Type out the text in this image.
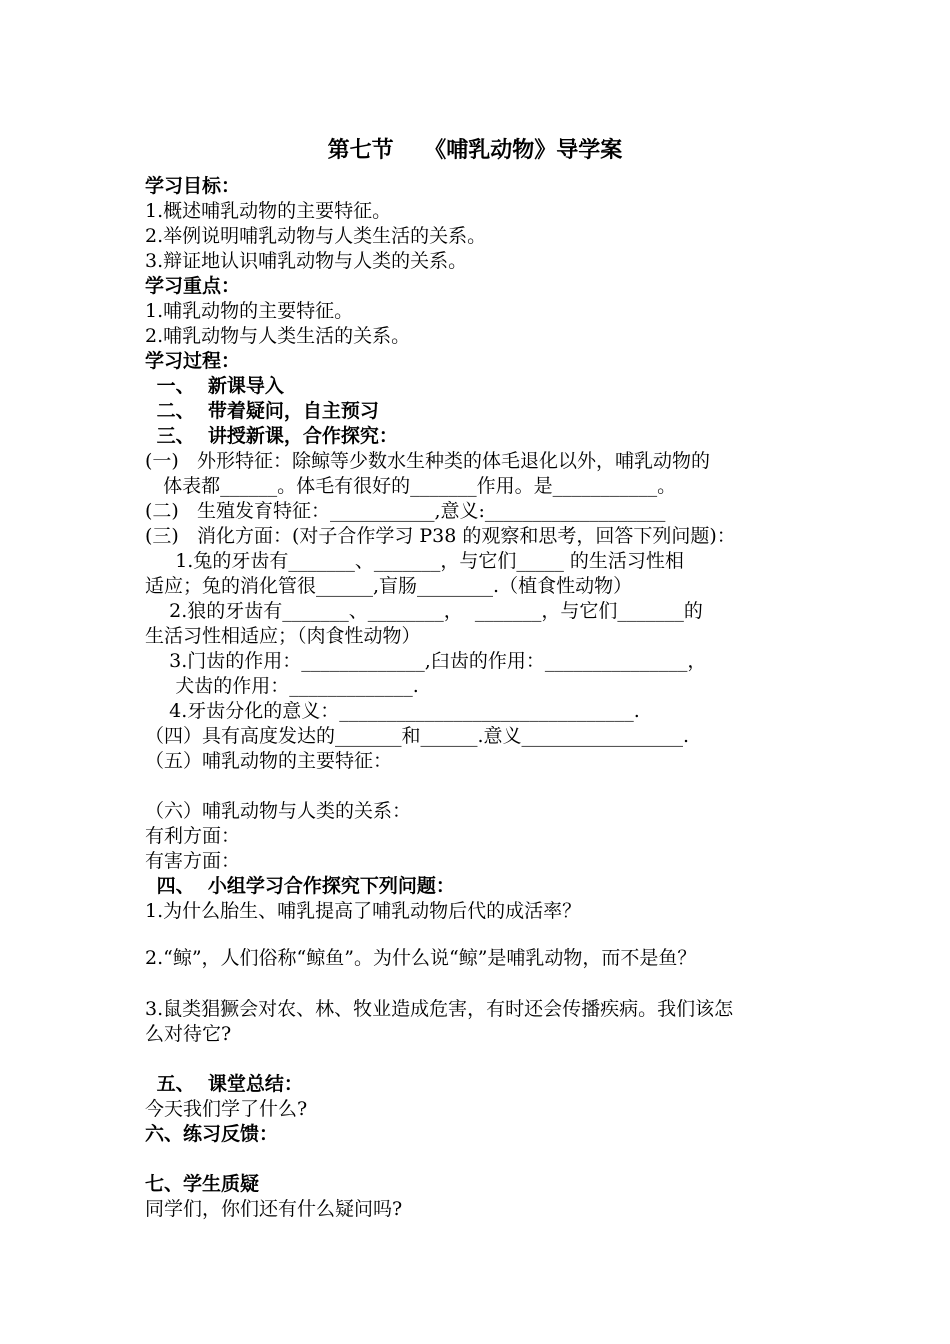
第七节    《哺乳动物》导学案
学习目标：
1.概述哺乳动物的主要特征。
2.举例说明哺乳动物与人类生活的关系。
3.辩证地认识哺乳动物与人类的关系。
学习重点：
1.哺乳动物的主要特征。
2.哺乳动物与人类生活的关系。
学习过程：
一、  新课导入
二、  带着疑问，自主预习
三、  讲授新课，合作探究：
(一)   外形特征：除鲸等少数水生种类的体毛退化以外，哺乳动物的
体表都______。体毛有很好的_______作用。是___________。
(二)   生殖发育特征：___________,意义:___________________
(三)   消化方面：(对子合作学习 P38 的观察和思考，回答下列问题)：
1.兔的牙齿有_______、_______，与它们_____ 的生活习性相
适应；兔的消化管很______,盲肠________.（植食性动物）
2.狼的牙齿有_______、________，  _______，与它们_______的
生活习性相适应；（肉食性动物）
3.门齿的作用：_____________,臼齿的作用：_______________，
犬齿的作用：_____________.
4.牙齿分化的意义：_______________________________.
（四）具有高度发达的_______和______.意义_________________.
（五）哺乳动物的主要特征：
（六）哺乳动物与人类的关系：
有利方面：
有害方面：
四、  小组学习合作探究下列问题：
1.为什么胎生、哺乳提高了哺乳动物后代的成活率？
2.“鲸”，人们俗称“鲸鱼”。为什么说“鲸”是哺乳动物，而不是鱼？
3.鼠类猖獗会对农、林、牧业造成危害，有时还会传播疾病。我们该怎
么对待它?
五、  课堂总结：
今天我们学了什么?
六、练习反馈：
七、学生质疑
同学们，你们还有什么疑问吗?
